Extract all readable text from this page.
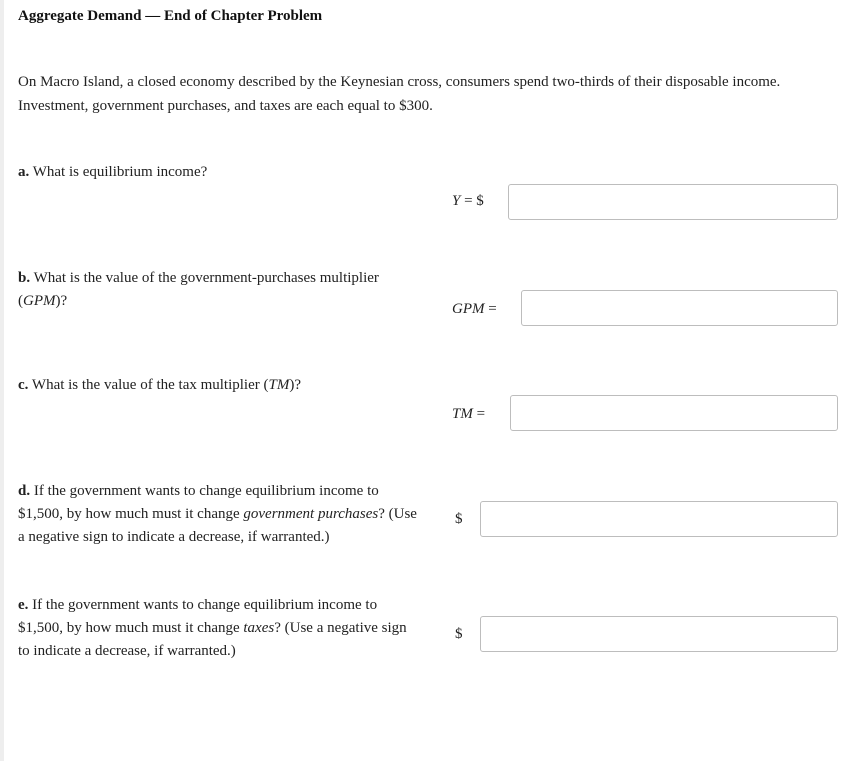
Aggregate Demand — End of Chapter Problem
On Macro Island, a closed economy described by the Keynesian cross, consumers spend two-thirds of their disposable income. Investment, government purchases, and taxes are each equal to $300.
a. What is equilibrium income?
Y = $
b. What is the value of the government-purchases multiplier (GPM)?	GPM =
c. What is the value of the tax multiplier (TM)?
TM =
d. If the government wants to change equilibrium income to $1,500, by how much must it change government purchases? (Use a negative sign to indicate a decrease, if warranted.)
$
e. If the government wants to change equilibrium income to $1,500, by how much must it change taxes? (Use a negative sign to indicate a decrease, if warranted.)
$
